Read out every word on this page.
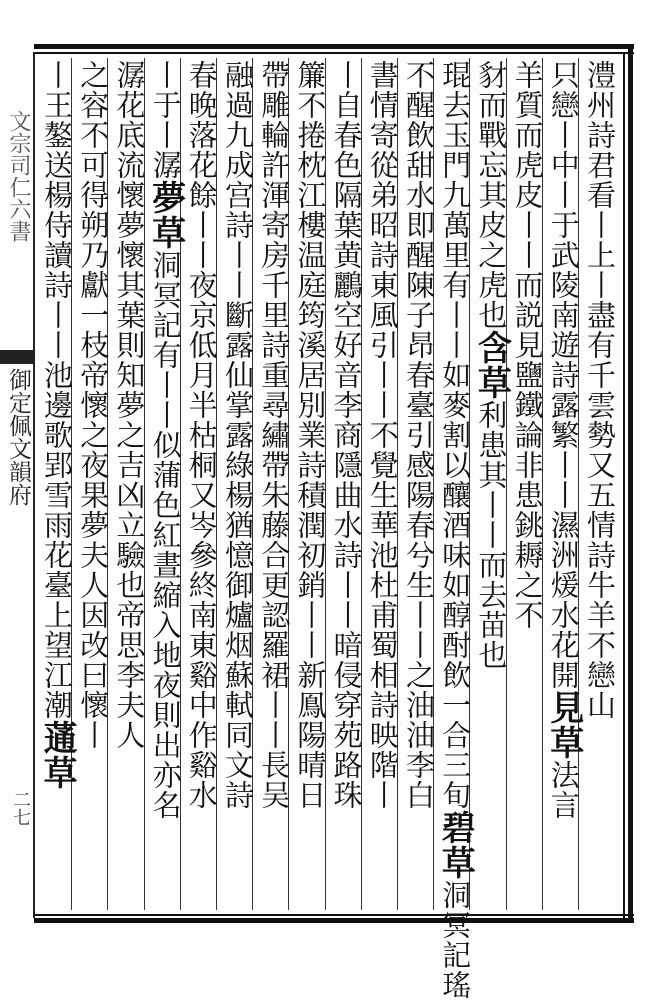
文宗司仁六書
御定佩文韻府
二七
澧州詩君看丨上丨盡有千雲勢又五情詩牛羊不戀山
只戀丨中丨于武陵南遊詩露繁丨丨濕洲煖水花開見草法言
羊質而虎皮丨丨而説見鹽鐵論非患銚耨之不
豺而戰忘其皮之虎也含草利患其丨丨而去苗也
琨去玉門九萬里有丨丨如麥割以釀酒味如醇酎飲一合三旬碧草洞冥記瑤
不醒飲甜水即醒陳子昂春臺引感陽春兮生丨丨之油油李白
書情寄從弟昭詩東風引丨丨不覺生華池杜甫蜀相詩映階丨
丨自春色隔葉黄鸝空好音李商隱曲水詩丨丨暗侵穿苑路珠
簾不捲枕江樓温庭筠溪居別業詩積潤初銷丨丨新鳯陽晴日
帶雕輪許渾寄房千里詩重尋繡帶朱藤合更認羅裙丨丨長吴
融過九成宫詩丨丨斷露仙掌露綠楊猶憶御爐烟蘇軾同文詩
春晚落花餘丨丨夜京低月半枯桐又岑參終南東谿中作谿水
丨于丨潺夢草洞冥記有丨丨似蒲色紅晝縮入地夜則出亦名
潺花底流懷夢懷其葉則知夢之吉凶立驗也帝思李夫人
之容不可得朔乃獻一枝帝懷之夜果夢夫人因改曰懷丨
丨王鏊送楊侍讀詩丨丨池邊歌郢雪雨花臺上望江潮蓪草
